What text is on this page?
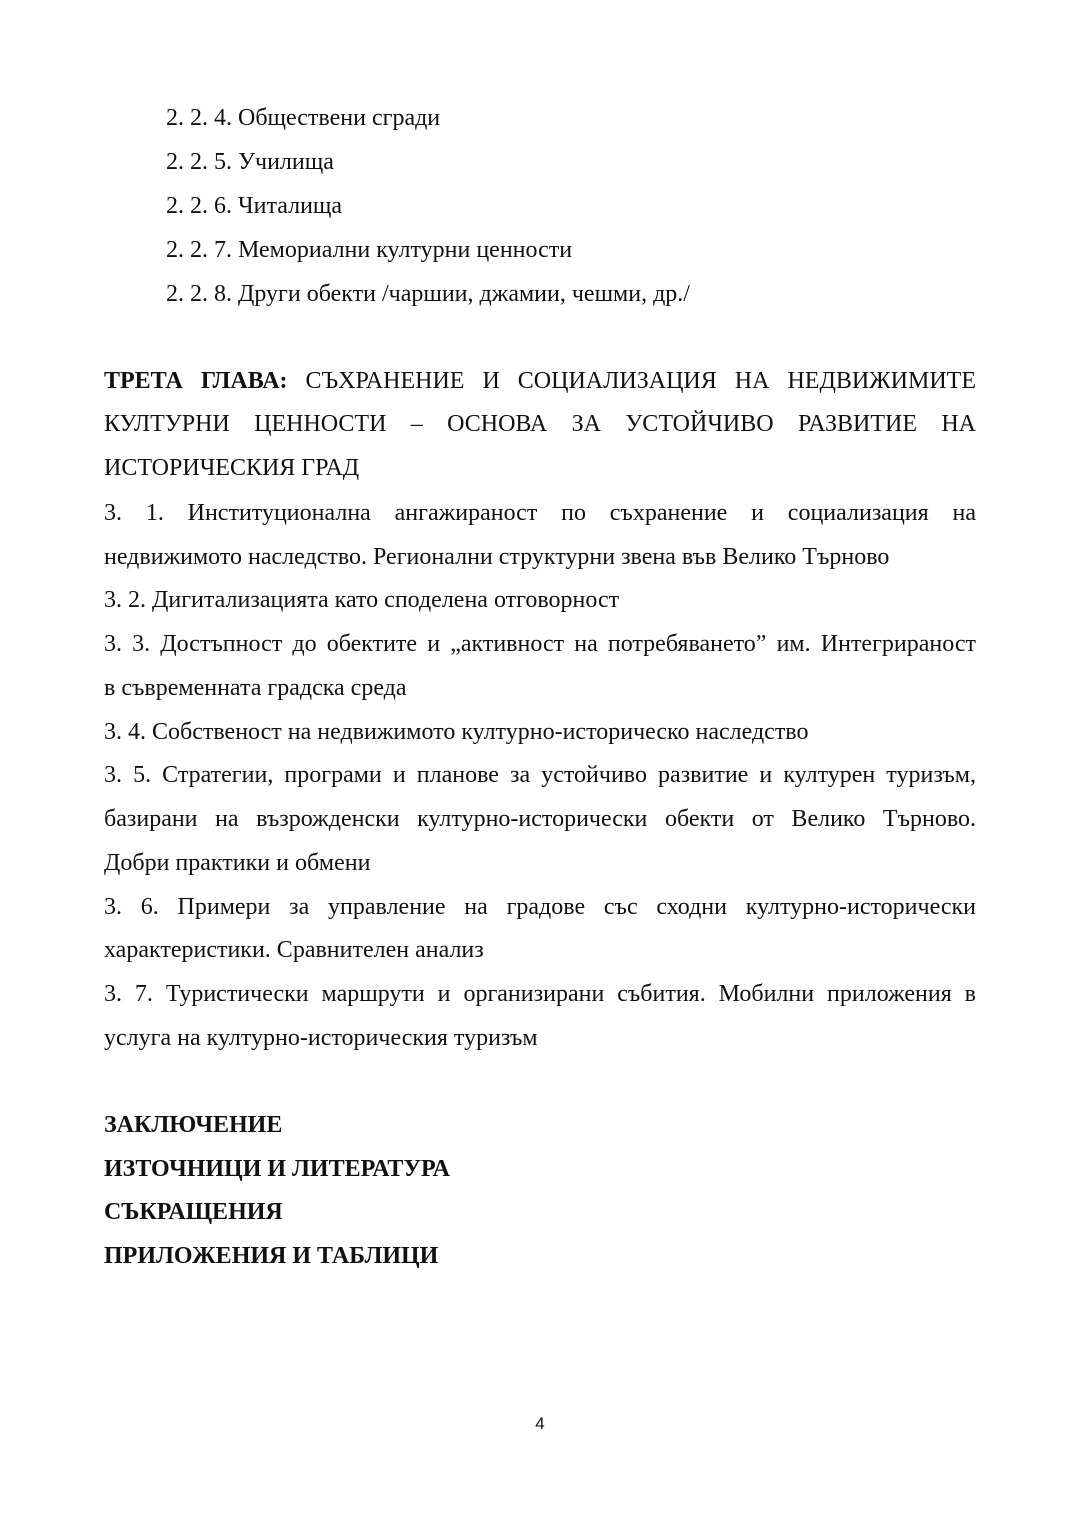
2. 2. 4. Обществени сгради
2. 2. 5. Училища
2. 2. 6. Читалища
2. 2. 7. Мемориални културни ценности
2. 2. 8. Други обекти /чаршии, джамии, чешми, др./
ТРЕТА ГЛАВА: СЪХРАНЕНИЕ И СОЦИАЛИЗАЦИЯ НА НЕДВИЖИМИТЕ
КУЛТУРНИ ЦЕННОСТИ – ОСНОВА ЗА УСТОЙЧИВО РАЗВИТИЕ НА
ИСТОРИЧЕСКИЯ ГРАД
3. 1. Институционална ангажираност по съхранение и социализация на
недвижимото наследство. Регионални структурни звена във Велико Търново
3. 2. Дигитализацията като споделена отговорност
3. 3. Достъпност до обектите и „активност на потребяването” им. Интегрираност
в съвременната градска среда
3. 4. Собственост на недвижимото културно-историческо наследство
3. 5. Стратегии, програми и планове за устойчиво развитие и културен туризъм,
базирани на възрожденски културно-исторически обекти от Велико Търново.
Добри практики и обмени
3. 6. Примери за управление на градове със сходни културно-исторически
характеристики. Сравнителен анализ
3. 7. Туристически маршрути и организирани събития. Мобилни приложения в
услуга на културно-историческия туризъм
ЗАКЛЮЧЕНИЕ
ИЗТОЧНИЦИ И ЛИТЕРАТУРА
СЪКРАЩЕНИЯ
ПРИЛОЖЕНИЯ И ТАБЛИЦИ
4
